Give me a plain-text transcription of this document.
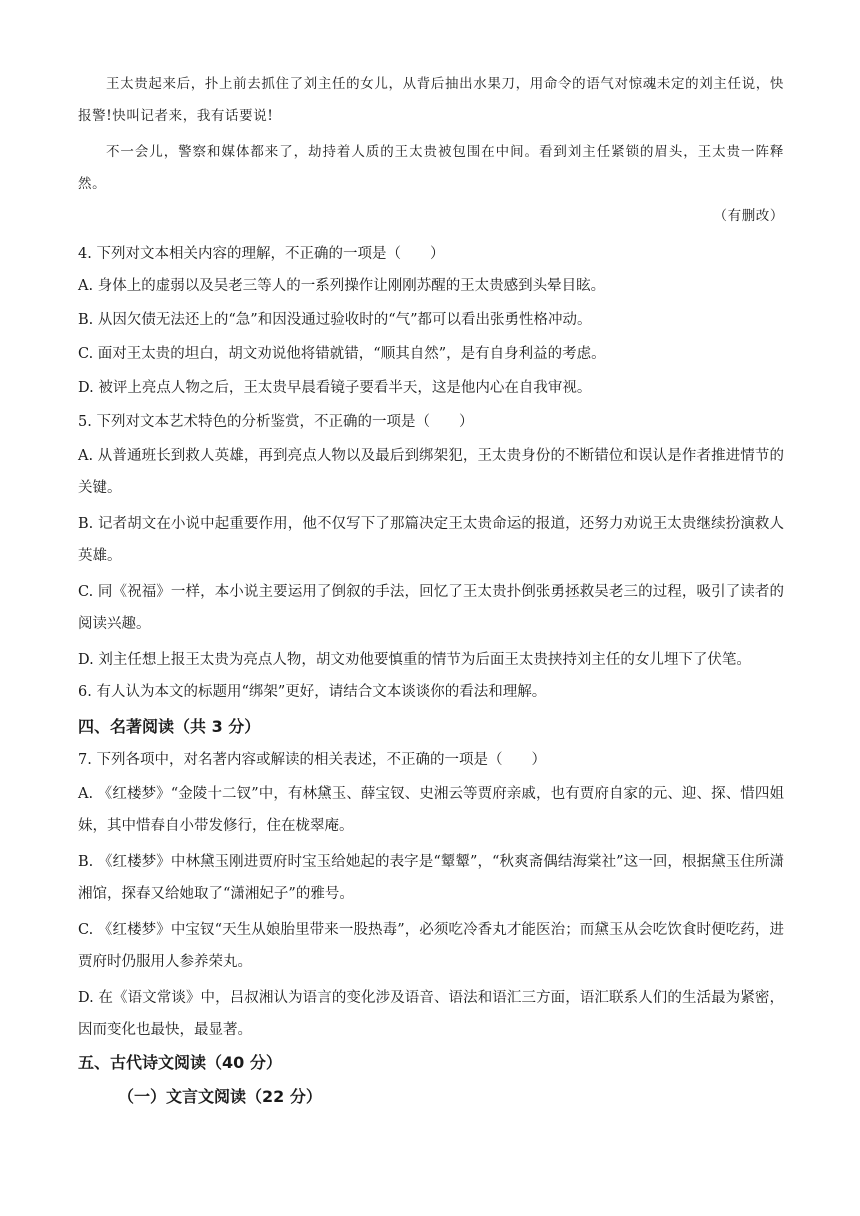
王太贵起来后，扑上前去抓住了刘主任的女儿，从背后抽出水果刀，用命令的语气对惊魂未定的刘主任说，快报警!快叫记者来，我有话要说!

不一会儿，警察和媒体都来了，劫持着人质的王太贵被包围在中间。看到刘主任紧锁的眉头，王太贵一阵释然。

（有删改）

4. 下列对文本相关内容的理解，不正确的一项是（　　）

A. 身体上的虚弱以及吴老三等人的一系列操作让刚刚苏醒的王太贵感到头晕目眩。

B. 从因欠债无法还上的“急”和因没通过验收时的“气”都可以看出张勇性格冲动。

C. 面对王太贵的坦白，胡文劝说他将错就错，“顺其自然”，是有自身利益的考虑。

D. 被评上亮点人物之后，王太贵早晨看镜子要看半天，这是他内心在自我审视。

5. 下列对文本艺术特色的分析鉴赏，不正确的一项是（　　）

A. 从普通班长到救人英雄，再到亮点人物以及最后到绑架犯，王太贵身份的不断错位和误认是作者推进情节的关键。

B. 记者胡文在小说中起重要作用，他不仅写下了那篇决定王太贵命运的报道，还努力劝说王太贵继续扮演救人英雄。

C. 同《祝福》一样，本小说主要运用了倒叙的手法，回忆了王太贵扑倒张勇拯救吴老三的过程，吸引了读者的阅读兴趣。

D. 刘主任想上报王太贵为亮点人物，胡文劝他要慎重的情节为后面王太贵挟持刘主任的女儿埋下了伏笔。

6. 有人认为本文的标题用“绑架”更好，请结合文本谈谈你的看法和理解。

四、名著阅读（共 3 分）

7. 下列各项中，对名著内容或解读的相关表述，不正确的一项是（　　）

A. 《红楼梦》“金陵十二钗”中，有林黛玉、薛宝钗、史湘云等贾府亲戚，也有贾府自家的元、迎、探、惜四姐妹，其中惜春自小带发修行，住在栊翠庵。

B. 《红楼梦》中林黛玉刚进贾府时宝玉给她起的表字是“颦颦”，“秋爽斋偶结海棠社”这一回，根据黛玉住所潇湘馆，探春又给她取了“潇湘妃子”的雅号。

C. 《红楼梦》中宝钗“天生从娘胎里带来一股热毒”，必须吃冷香丸才能医治；而黛玉从会吃饮食时便吃药，进贾府时仍服用人参养荣丸。

D. 在《语文常谈》中，吕叔湘认为语言的变化涉及语音、语法和语汇三方面，语汇联系人们的生活最为紧密，因而变化也最快，最显著。

五、古代诗文阅读（40 分）
（一）文言文阅读（22 分）
